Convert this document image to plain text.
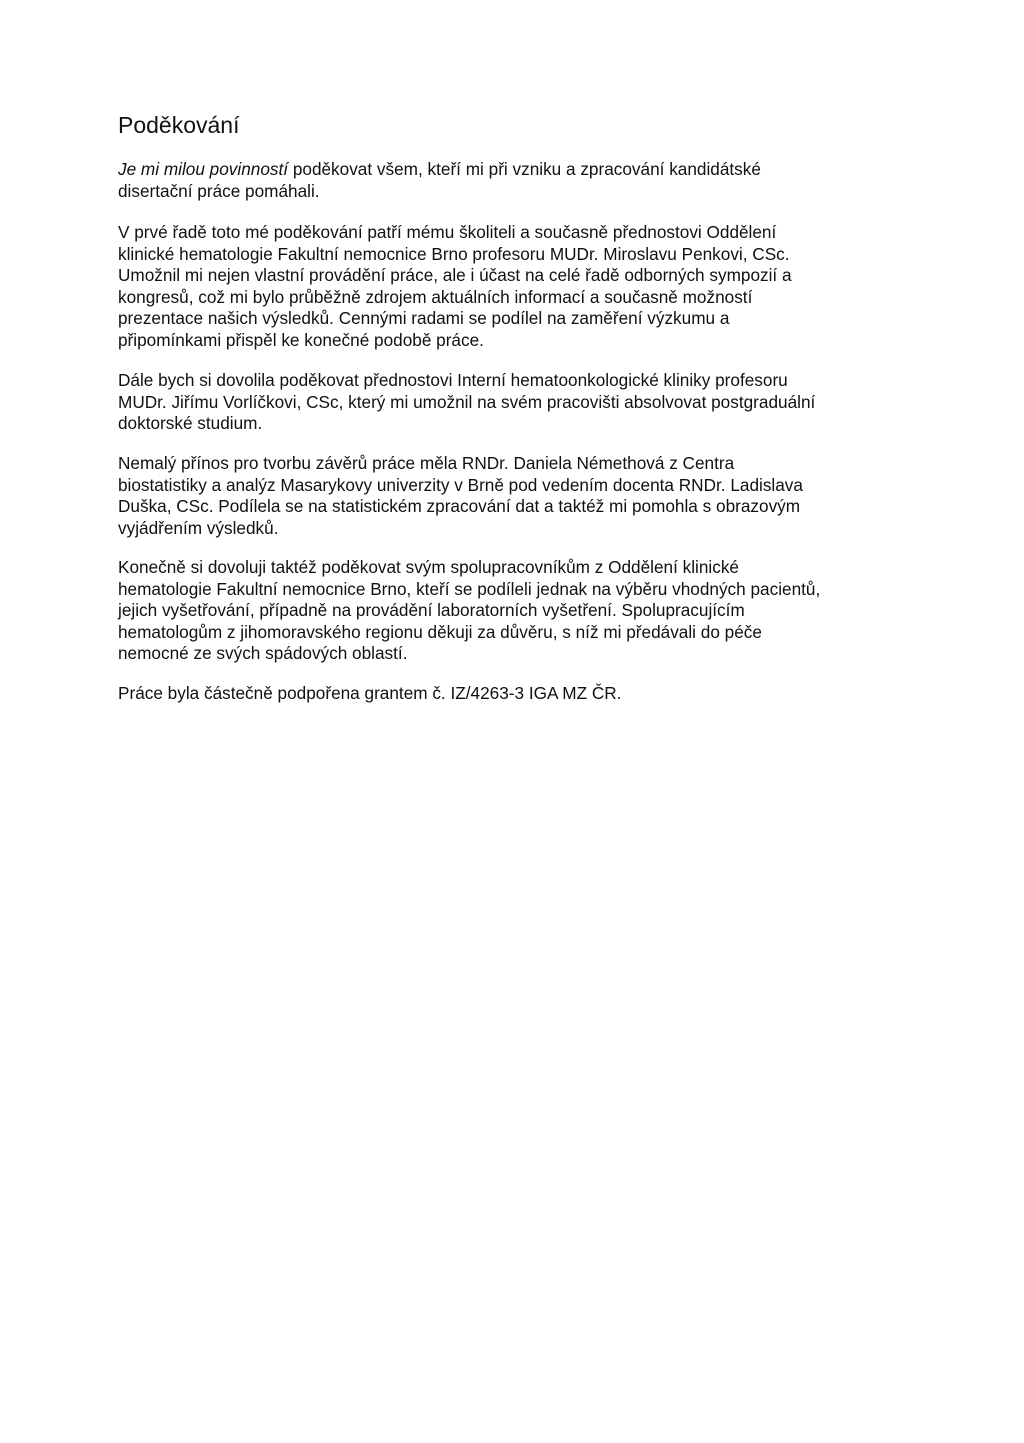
Poděkování
Je mi milou povinností poděkovat všem, kteří mi při vzniku a zpracování kandidátské
disertační práce pomáhali.
V prvé řadě toto mé poděkování patří mému školiteli a současně přednostovi Oddělení
klinické hematologie Fakultní nemocnice Brno profesoru MUDr. Miroslavu Penkovi, CSc.
Umožnil mi nejen vlastní provádění práce, ale i účast na celé řadě odborných sympozií a
kongresů, což mi bylo průběžně zdrojem aktuálních informací a současně možností
prezentace našich výsledků. Cennými radami se podílel na zaměření výzkumu a
připomínkami přispěl ke konečné podobě práce.
Dále bych si dovolila poděkovat přednostovi Interní hematoonkologické kliniky profesoru
MUDr. Jiřímu Vorlíčkovi, CSc, který mi umožnil na svém pracovišti absolvovat postgraduální
doktorské studium.
Nemalý přínos pro tvorbu závěrů práce měla RNDr. Daniela Némethová z Centra
biostatistiky a analýz Masarykovy univerzity v Brně pod vedením docenta RNDr. Ladislava
Duška, CSc. Podílela se na statistickém zpracování dat a taktéž mi pomohla s obrazovým
vyjádřením výsledků.
Konečně si dovoluji taktéž poděkovat svým spolupracovníkům z Oddělení klinické
hematologie Fakultní nemocnice Brno, kteří se podíleli jednak na výběru vhodných pacientů,
jejich vyšetřování, případně na provádění laboratorních vyšetření. Spolupracujícím
hematologům z jihomoravského regionu děkuji za důvěru, s níž mi předávali do péče
nemocné ze svých spádových oblastí.
Práce byla částečně podpořena grantem č. IZ/4263-3 IGA MZ ČR.
